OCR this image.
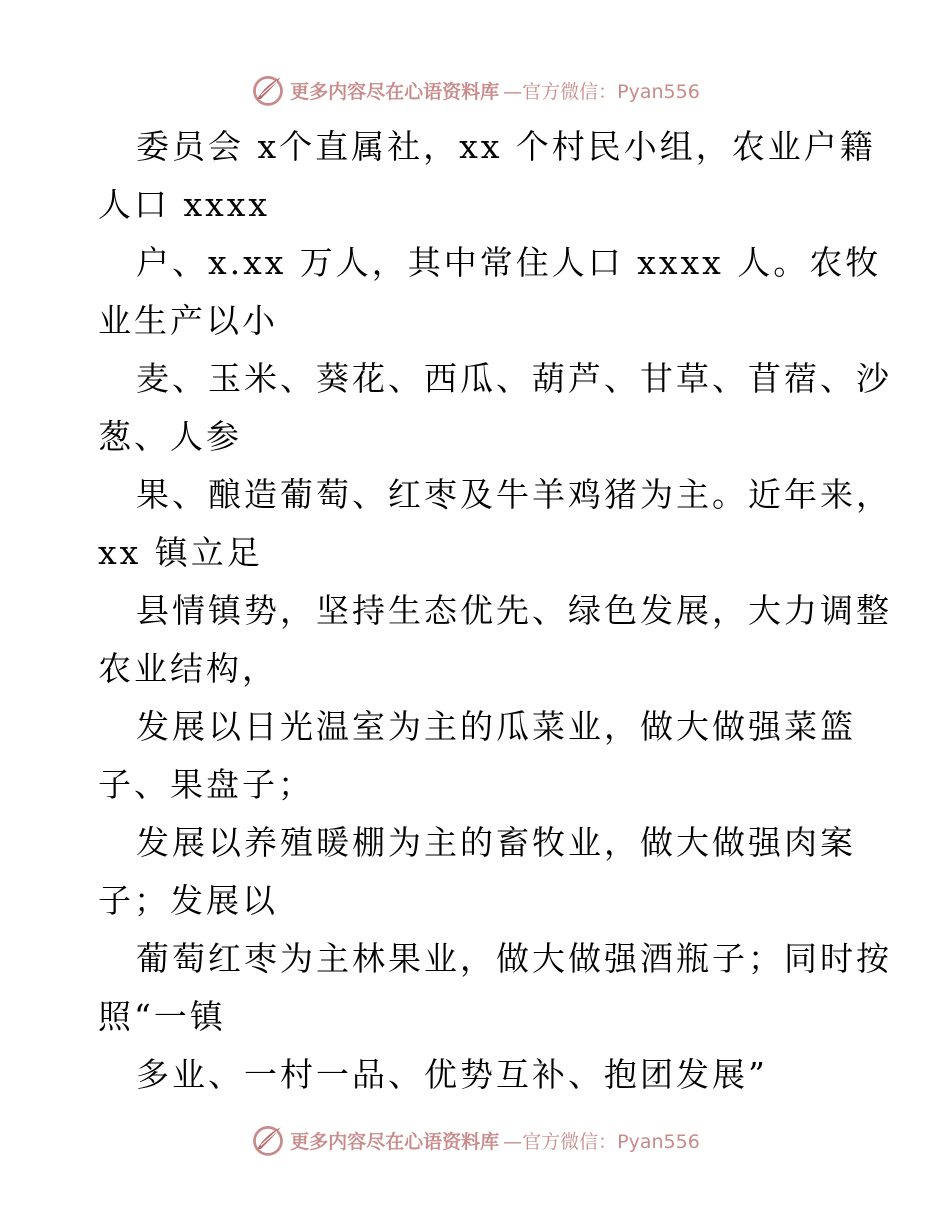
更多内容尽在心语资料库 —官方微信：Pyan556

委员会 x个直属社，xx 个村民小组，农业户籍
人口 xxxx

户、x.xx 万人，其中常住人口 xxxx 人。农牧
业生产以小

麦、玉米、葵花、西瓜、葫芦、甘草、苜蓿、沙
葱、人参

果、酿造葡萄、红枣及牛羊鸡猪为主。近年来，
xx 镇立足

县情镇势，坚持生态优先、绿色发展，大力调整
农业结构，

发展以日光温室为主的瓜菜业，做大做强菜篮
子、果盘子；

发展以养殖暖棚为主的畜牧业，做大做强肉案
子；发展以

葡萄红枣为主林果业，做大做强酒瓶子；同时按
照“一镇

多业、一村一品、优势互补、抱团发展”

更多内容尽在心语资料库 —官方微信：Pyan556
